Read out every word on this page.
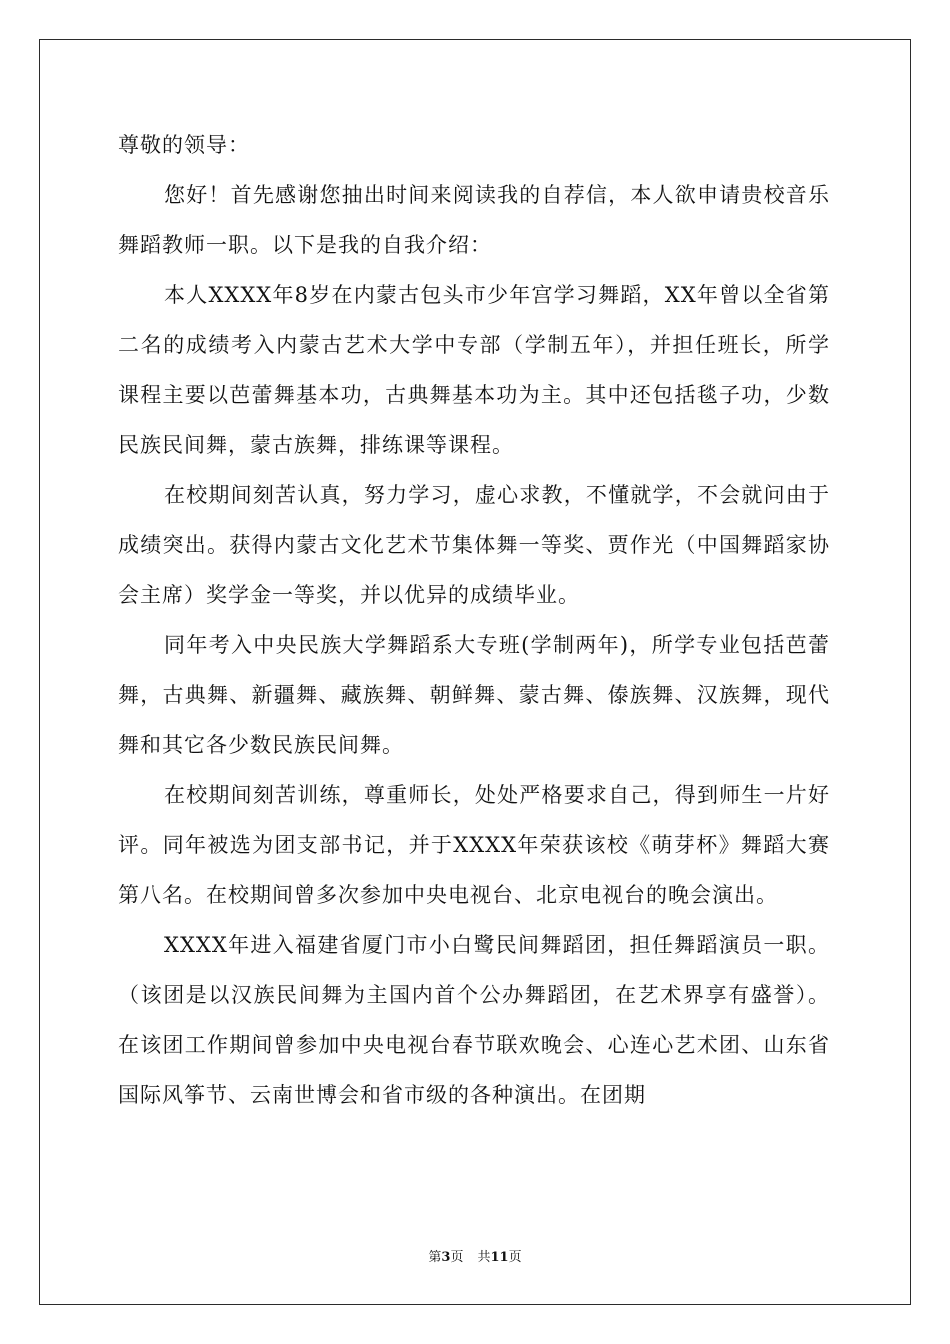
尊敬的领导：

您好！首先感谢您抽出时间来阅读我的自荐信，本人欲申请贵校音乐舞蹈教师一职。以下是我的自我介绍：

本人XXXX年8岁在内蒙古包头市少年宫学习舞蹈，XX年曾以全省第二名的成绩考入内蒙古艺术大学中专部（学制五年），并担任班长，所学课程主要以芭蕾舞基本功，古典舞基本功为主。其中还包括毯子功，少数民族民间舞，蒙古族舞，排练课等课程。

在校期间刻苦认真，努力学习，虚心求教，不懂就学，不会就问由于成绩突出。获得内蒙古文化艺术节集体舞一等奖、贾作光（中国舞蹈家协会主席）奖学金一等奖，并以优异的成绩毕业。

同年考入中央民族大学舞蹈系大专班(学制两年)，所学专业包括芭蕾舞，古典舞、新疆舞、藏族舞、朝鲜舞、蒙古舞、傣族舞、汉族舞，现代舞和其它各少数民族民间舞。

在校期间刻苦训练，尊重师长，处处严格要求自己，得到师生一片好评。同年被选为团支部书记，并于XXXX年荣获该校《萌芽杯》舞蹈大赛第八名。在校期间曾多次参加中央电视台、北京电视台的晚会演出。

XXXX年进入福建省厦门市小白鹭民间舞蹈团，担任舞蹈演员一职。（该团是以汉族民间舞为主国内首个公办舞蹈团，在艺术界享有盛誉）。在该团工作期间曾参加中央电视台春节联欢晚会、心连心艺术团、山东省国际风筝节、云南世博会和省市级的各种演出。在团期

第3页 共11页
